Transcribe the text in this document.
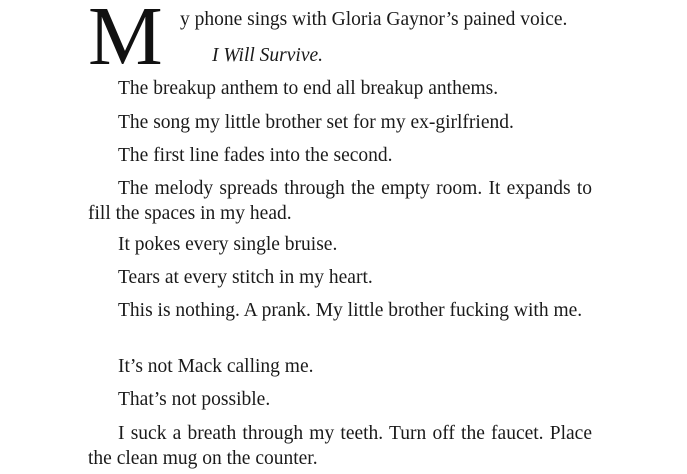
M y phone sings with Gloria Gaynor’s pained voice.
I Will Survive.

The breakup anthem to end all breakup anthems.

The song my little brother set for my ex-girlfriend.

The first line fades into the second.

The melody spreads through the empty room. It expands to fill the spaces in my head.

It pokes every single bruise.

Tears at every stitch in my heart.

This is nothing. A prank. My little brother fucking with me.

It’s not Mack calling me.

That’s not possible.

I suck a breath through my teeth. Turn off the faucet. Place the clean mug on the counter.
